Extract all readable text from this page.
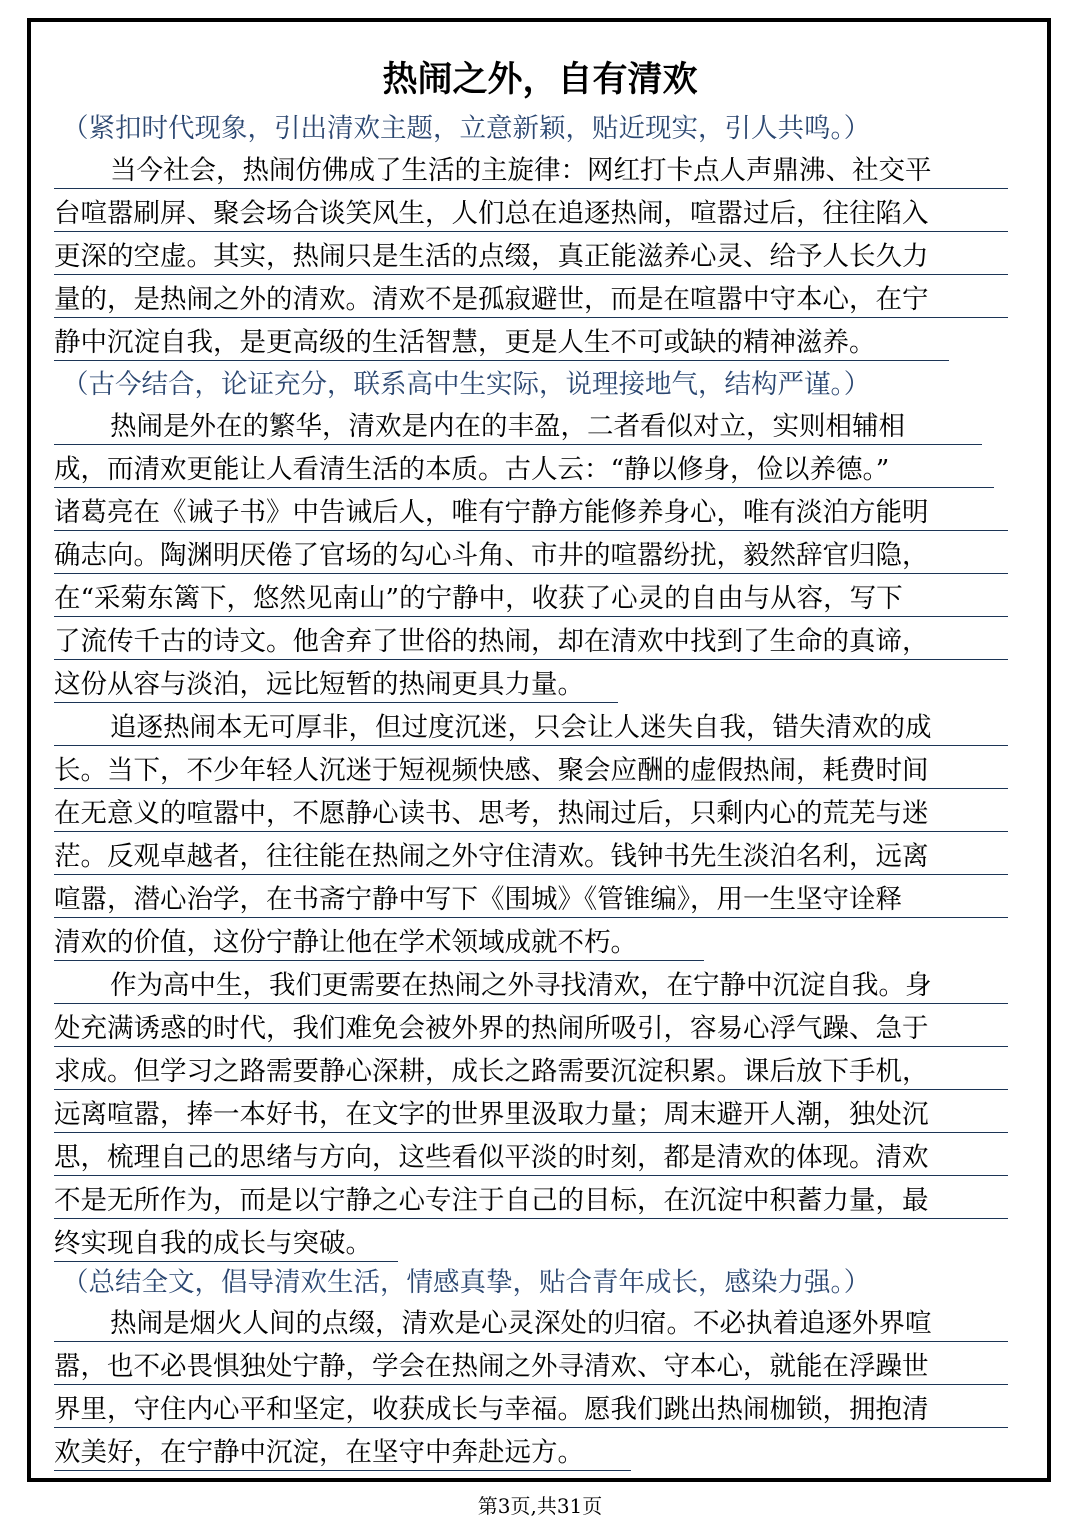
热闹之外，自有清欢
（紧扣时代现象，引出清欢主题，立意新颖，贴近现实，引人共鸣。）
当今社会，热闹仿佛成了生活的主旋律：网红打卡点人声鼎沸、社交平
台喧嚣刷屏、聚会场合谈笑风生，人们总在追逐热闹，喧嚣过后，往往陷入
更深的空虚。其实，热闹只是生活的点缀，真正能滋养心灵、给予人长久力
量的，是热闹之外的清欢。清欢不是孤寂避世，而是在喧嚣中守本心，在宁
静中沉淀自我，是更高级的生活智慧，更是人生不可或缺的精神滋养。
（古今结合，论证充分，联系高中生实际，说理接地气，结构严谨。）
热闹是外在的繁华，清欢是内在的丰盈，二者看似对立，实则相辅相
成，而清欢更能让人看清生活的本质。古人云：“静以修身，俭以养德。”
诸葛亮在《诫子书》中告诫后人，唯有宁静方能修养身心，唯有淡泊方能明
确志向。陶渊明厌倦了官场的勾心斗角、市井的喧嚣纷扰，毅然辞官归隐，
在“采菊东篱下，悠然见南山”的宁静中，收获了心灵的自由与从容，写下
了流传千古的诗文。他舍弃了世俗的热闹，却在清欢中找到了生命的真谛，
这份从容与淡泊，远比短暂的热闹更具力量。
追逐热闹本无可厚非，但过度沉迷，只会让人迷失自我，错失清欢的成
长。当下，不少年轻人沉迷于短视频快感、聚会应酬的虚假热闹，耗费时间
在无意义的喧嚣中，不愿静心读书、思考，热闹过后，只剩内心的荒芜与迷
茫。反观卓越者，往往能在热闹之外守住清欢。钱钟书先生淡泊名利，远离
喧嚣，潜心治学，在书斋宁静中写下《围城》《管锥编》，用一生坚守诠释
清欢的价值，这份宁静让他在学术领域成就不朽。
作为高中生，我们更需要在热闹之外寻找清欢，在宁静中沉淀自我。身
处充满诱惑的时代，我们难免会被外界的热闹所吸引，容易心浮气躁、急于
求成。但学习之路需要静心深耕，成长之路需要沉淀积累。课后放下手机，
远离喧嚣，捧一本好书，在文字的世界里汲取力量；周末避开人潮，独处沉
思，梳理自己的思绪与方向，这些看似平淡的时刻，都是清欢的体现。清欢
不是无所作为，而是以宁静之心专注于自己的目标，在沉淀中积蓄力量，最
终实现自我的成长与突破。
（总结全文，倡导清欢生活，情感真挚，贴合青年成长，感染力强。）
热闹是烟火人间的点缀，清欢是心灵深处的归宿。不必执着追逐外界喧
嚣，也不必畏惧独处宁静，学会在热闹之外寻清欢、守本心，就能在浮躁世
界里，守住内心平和坚定，收获成长与幸福。愿我们跳出热闹枷锁，拥抱清
欢美好，在宁静中沉淀，在坚守中奔赴远方。
第3页,共31页
